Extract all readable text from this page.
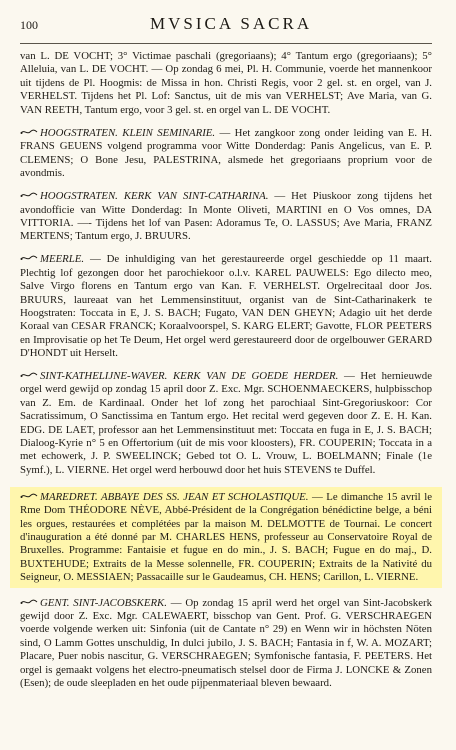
100	MVSICA SACRA

van L. DE VOCHT; 3° Victimae paschali (gregoriaans); 4° Tantum ergo (gregoriaans); 5° Alleluia, van L. DE VOCHT. — Op zondag 6 mei, Pl. H. Communie, voerde het mannenkoor uit tijdens de Pl. Hoogmis: de Missa in hon. Christi Regis, voor 2 gel. st. en orgel, van J. VERHELST. Tijdens het Pl. Lof: Sanctus, uit de mis van VERHELST; Ave Maria, van G. VAN REETH, Tantum ergo, voor 3 gel. st. en orgel van L. DE VOCHT.

HOOGSTRATEN. KLEIN SEMINARIE. — Het zangkoor zong onder leiding van E. H. FRANS GEUENS volgend programma voor Witte Donderdag: Panis Angelicus, van E. P. CLEMENS; O Bone Jesu, PALESTRINA, alsmede het gregoriaans proprium voor de avondmis.

HOOGSTRATEN. KERK VAN SINT-CATHARINA. — Het Piuskoor zong tijdens het avondofficie van Witte Donderdag: In Monte Oliveti, MARTINI en O Vos omnes, DA VITTORIA. —- Tijdens het lof van Pasen: Adoramus Te, O. LASSUS; Ave Maria, FRANZ MERTENS; Tantum ergo, J. BRUURS.

MEERLE. — De inhuldiging van het gerestaureerde orgel geschiedde op 11 maart. Plechtig lof gezongen door het parochiekoor o.l.v. KAREL PAUWELS: Ego dilecto meo, Salve Virgo florens en Tantum ergo van Kan. F. VERHELST. Orgelrecitaal door Jos. BRUURS, laureaat van het Lemmensinstituut, organist van de Sint-Catharinakerk te Hoogstraten: Toccata in E, J. S. BACH; Fugato, VAN DEN GHEYN; Adagio uit het derde Koraal van CESAR FRANCK; Koraalvoorspel, S. KARG ELERT; Gavotte, FLOR PEETERS en Improvisatie op het Te Deum, Het orgel werd gerestaureerd door de orgelbouwer GERARD D'HONDT uit Herselt.

SINT-KATHELIJNE-WAVER. KERK VAN DE GOEDE HERDER. — Het hernieuwde orgel werd gewijd op zondag 15 april door Z. Exc. Mgr. SCHOENMAECKERS, hulpbisschop van Z. Em. de Kardinaal. Onder het lof zong het parochiaal Sint-Gregoriuskoor: Cor Sacratissimum, O Sanctissima en Tantum ergo. Het recital werd gegeven door Z. E. H. Kan. EDG. DE LAET, professor aan het Lemmensinstituut met: Toccata en fuga in E, J. S. BACH; Dialoog-Kyrie n° 5 en Offertorium (uit de mis voor kloosters), FR. COUPERIN; Toccata in a met echowerk, J. P. SWEELINCK; Gebed tot O. L. Vrouw, L. BOELMANN; Finale (1e Symf.), L. VIERNE. Het orgel werd herbouwd door het huis STEVENS te Duffel.

MAREDRET. ABBAYE DES SS. JEAN ET SCHOLASTIQUE. — Le dimanche 15 avril le Rme Dom THÉODORE NÈVE, Abbé-Président de la Congrégation bénédictine belge, a béni les orgues, restaurées et complétées par la maison M. DELMOTTE de Tournai. Le concert d'inauguration a été donné par M. CHARLES HENS, professeur au Conservatoire Royal de Bruxelles. Programme: Fantaisie et fugue en do min., J. S. BACH; Fugue en do maj., D. BUXTEHUDE; Extraits de la Messe solennelle, FR. COUPERIN; Extraits de la Nativité du Seigneur, O. MESSIAEN; Passacaille sur le Gaudeamus, CH. HENS; Carillon, L. VIERNE.

GENT. SINT-JACOBSKERK. — Op zondag 15 april werd het orgel van Sint-Jacobskerk gewijd door Z. Exc. Mgr. CALEWAERT, bisschop van Gent. Prof. G. VERSCHRAEGEN voerde volgende werken uit: Sinfonia (uit de Cantate n° 29) en Wenn wir in höchsten Nöten sind, O Lamm Gottes unschuldig, In dulci jubilo, J. S. BACH; Fantasia in f, W. A. MOZART; Placare, Puer nobis nascitur, G. VERSCHRAEGEN; Symfonische fantasia, F. PEETERS. Het orgel is gemaakt volgens het electro-pneumatisch stelsel door de Firma J. LONCKE & Zonen (Esen); de oude sleepladen en het oude pijpenmateriaal bleven bewaard.
